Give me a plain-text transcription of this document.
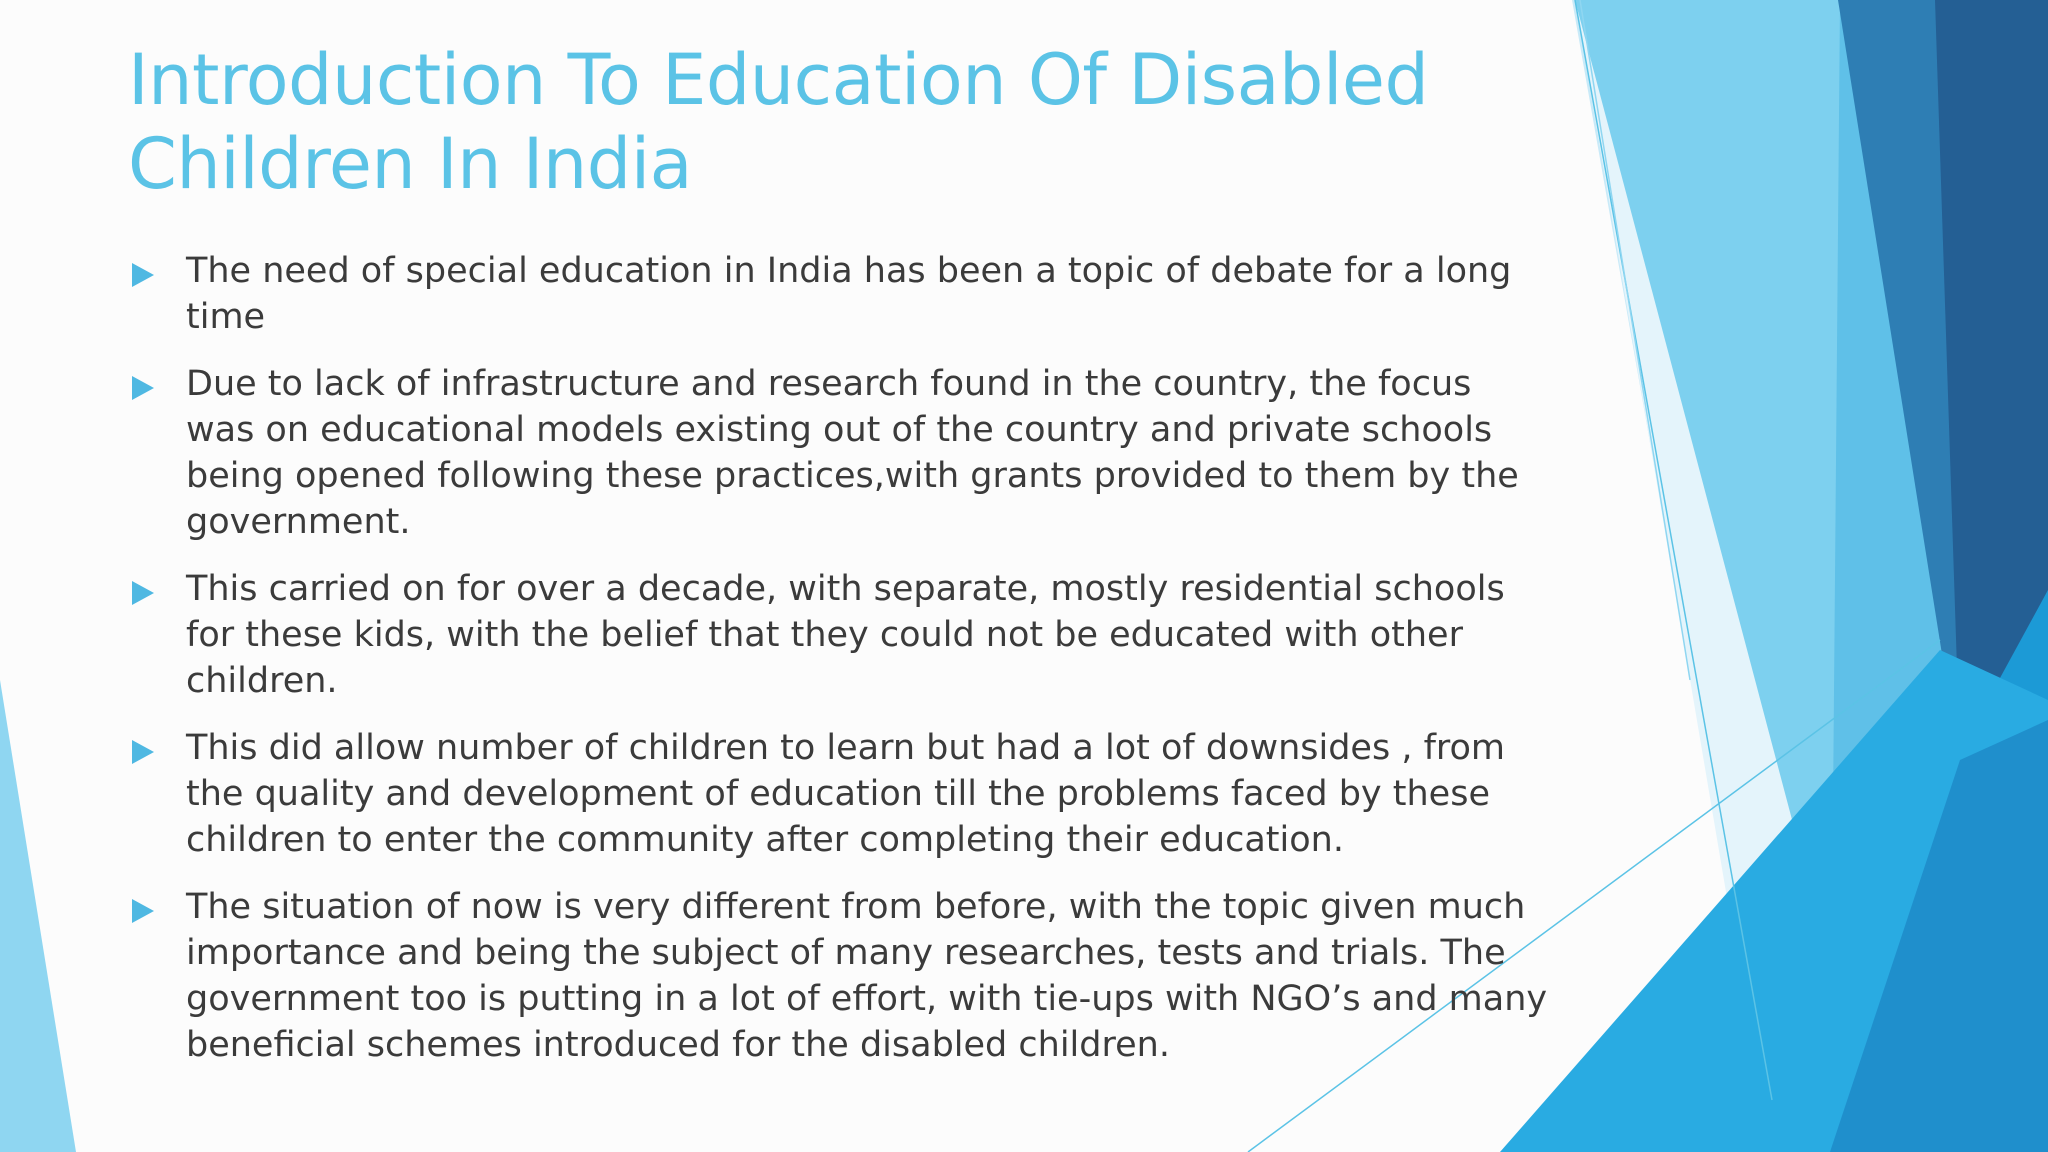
Introduction To Education Of Disabled Children In India
The need of special education in India has been a topic of debate for a long time
Due to lack of infrastructure and research found in the country, the focus was on educational models existing out of the country and private schools being opened following these practices,with grants provided to them by the government.
This carried on for over a decade, with separate, mostly residential schools for these kids, with the belief that they could not be educated with other children.
This did allow number of children to learn but had a lot of downsides , from the quality and development of education till the problems faced by these children to enter the community after completing their education.
The situation of now is very different from before, with the topic given much importance and being the subject of many researches, tests and trials. The government too is putting in a lot of effort, with tie-ups with NGO’s and many beneficial schemes introduced for the disabled children.
